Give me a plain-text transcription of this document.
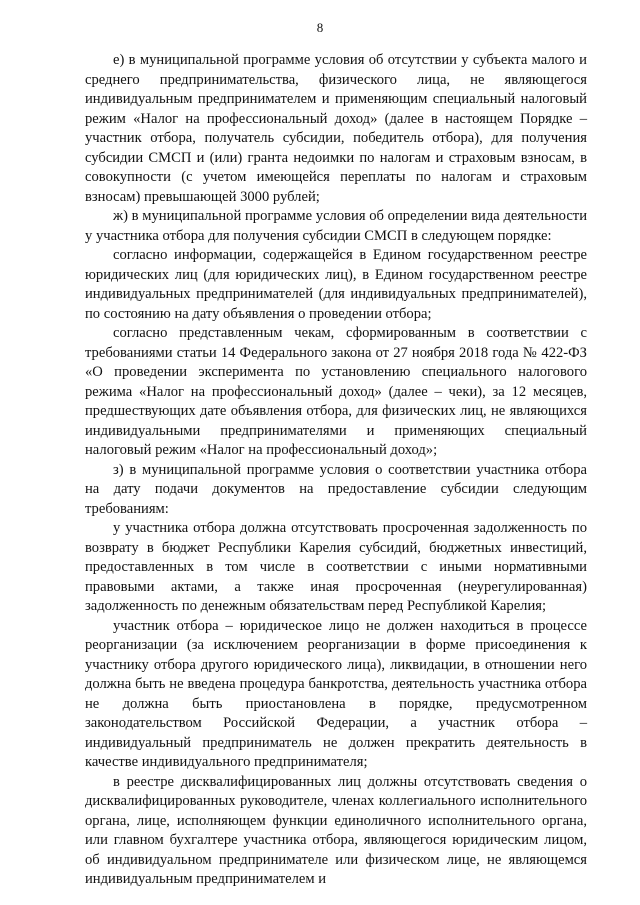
8

е) в муниципальной программе условия об отсутствии у субъекта малого и среднего предпринимательства, физического лица, не являющегося индивидуальным предпринимателем и применяющим специальный налоговый режим «Налог на профессиональный доход» (далее в настоящем Порядке – участник отбора, получатель субсидии, победитель отбора), для получения субсидии СМСП и (или) гранта недоимки по налогам и страховым взносам, в совокупности (с учетом имеющейся переплаты по налогам и страховым взносам) превышающей 3000 рублей;

ж) в муниципальной программе условия об определении вида деятельности у участника отбора для получения субсидии СМСП в следующем порядке:

согласно информации, содержащейся в Едином государственном реестре юридических лиц (для юридических лиц), в Едином государственном реестре индивидуальных предпринимателей (для индивидуальных предпринимателей), по состоянию на дату объявления о проведении отбора;

согласно представленным чекам, сформированным в соответствии с требованиями статьи 14 Федерального закона от 27 ноября 2018 года № 422-ФЗ «О проведении эксперимента по установлению специального налогового режима «Налог на профессиональный доход» (далее – чеки), за 12 месяцев, предшествующих дате объявления отбора, для физических лиц, не являющихся индивидуальными предпринимателями и применяющих специальный налоговый режим «Налог на профессиональный доход»;

з) в муниципальной программе условия о соответствии участника отбора на дату подачи документов на предоставление субсидии следующим требованиям:

у участника отбора должна отсутствовать просроченная задолженность по возврату в бюджет Республики Карелия субсидий, бюджетных инвестиций, предоставленных в том числе в соответствии с иными нормативными правовыми актами, а также иная просроченная (неурегулированная) задолженность по денежным обязательствам перед Республикой Карелия;

участник отбора – юридическое лицо не должен находиться в процессе реорганизации (за исключением реорганизации в форме присоединения к участнику отбора другого юридического лица), ликвидации, в отношении него должна быть не введена процедура банкротства, деятельность участника отбора не должна быть приостановлена в порядке, предусмотренном законодательством Российской Федерации, а участник отбора – индивидуальный предприниматель не должен прекратить деятельность в качестве индивидуального предпринимателя;

в реестре дисквалифицированных лиц должны отсутствовать сведения о дисквалифицированных руководителе, членах коллегиального исполнительного органа, лице, исполняющем функции единоличного исполнительного органа, или главном бухгалтере участника отбора, являющегося юридическим лицом, об индивидуальном предпринимателе или физическом лице, не являющемся индивидуальным предпринимателем и
